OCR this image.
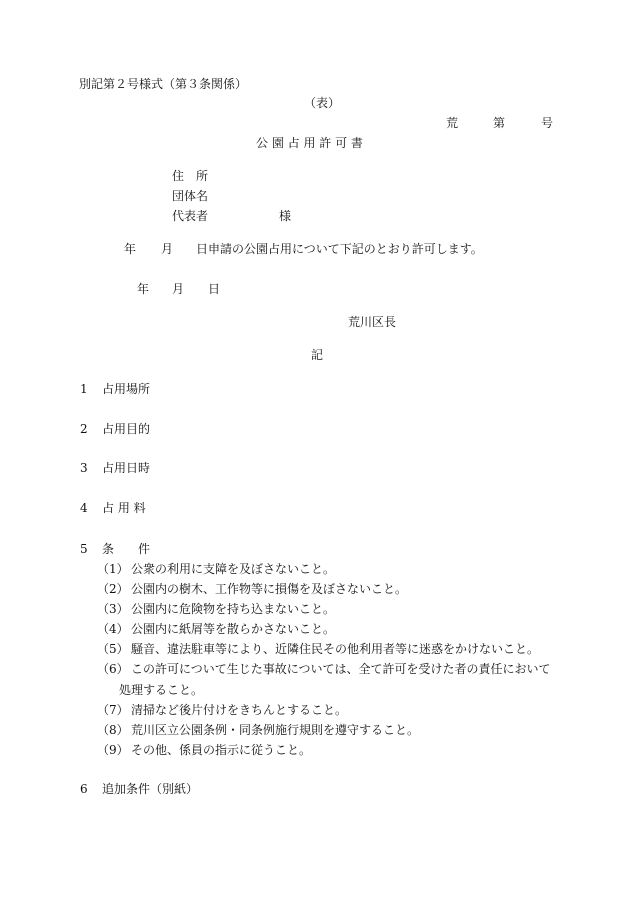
別記第２号様式（第３条関係）
（表）
荒	第	号
公 園 占 用 許 可 書
住　所
団体名
代表者	様
年 月 日申請の公園占用について下記のとおり許可します。
年 月 日
荒川区長
記
1 占用場所
2 占用目的
3 占用日時
4 占 用 料
5 条　　件
（1） 公衆の利用に支障を及ぼさないこと。
（2） 公園内の樹木、工作物等に損傷を及ぼさないこと。
（3） 公園内に危険物を持ち込まないこと。
（4） 公園内に紙屑等を散らかさないこと。
（5） 騒音、違法駐車等により、近隣住民その他利用者等に迷惑をかけないこと。
（6） この許可について生じた事故については、全て許可を受けた者の責任において
処理すること。
（7） 清掃など後片付けをきちんとすること。
（8） 荒川区立公園条例・同条例施行規則を遵守すること。
（9） その他、係員の指示に従うこと。
6 追加条件（別紙）
